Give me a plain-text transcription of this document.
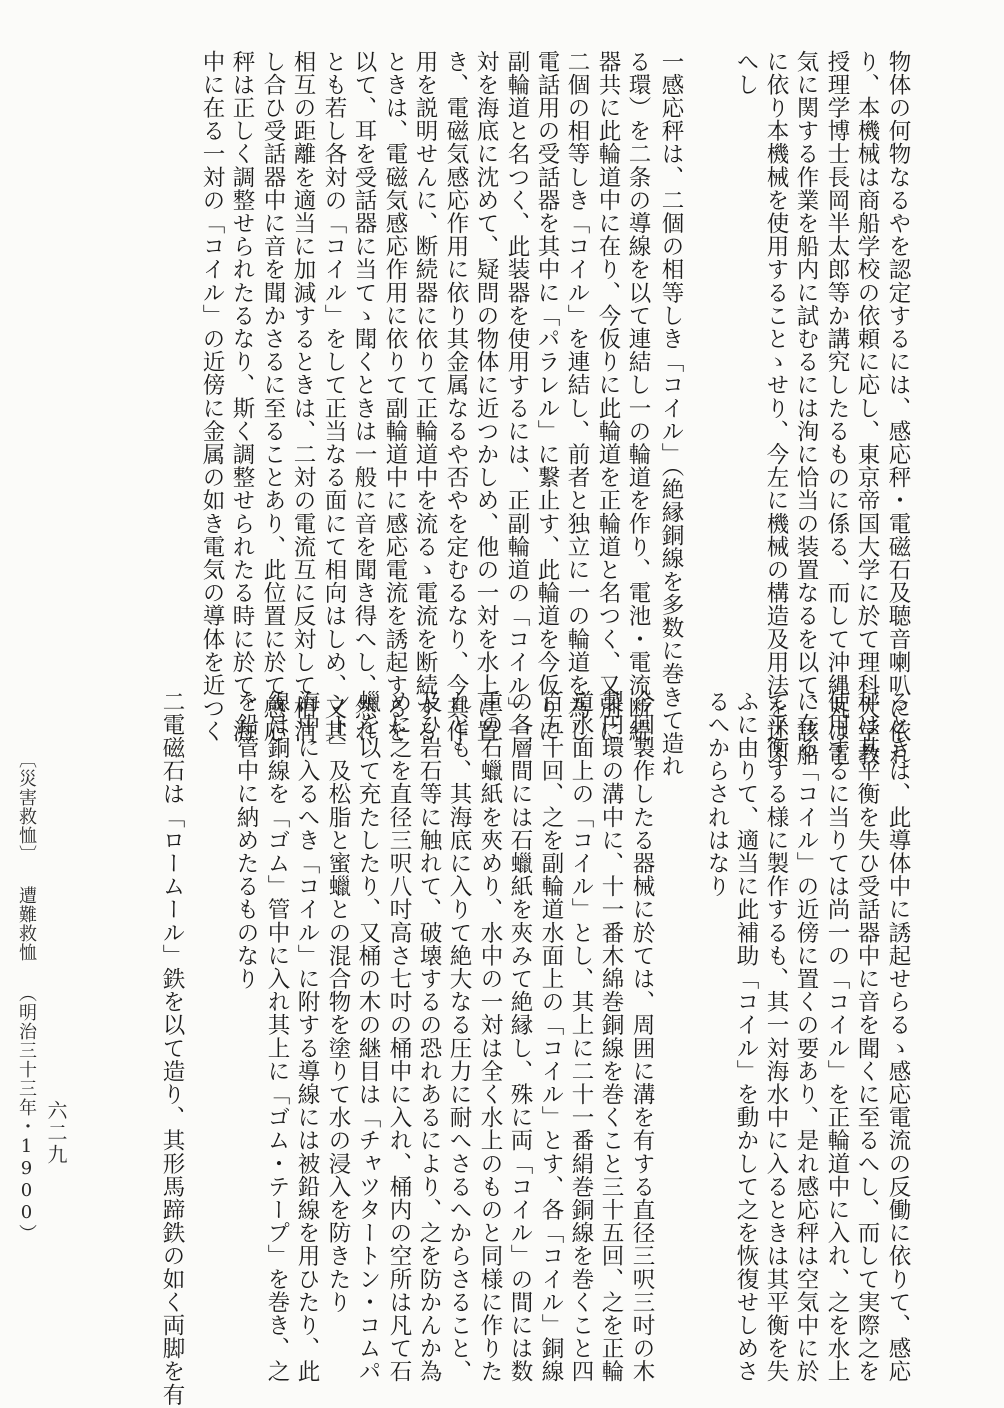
物体の何物なるやを認定するには、感応秤・電磁石及聴音喇叭に依れ
り、本機械は商船学校の依頼に応し、東京帝国大学に於て理科大学教
授理学博士長岡半太郎等か講究したるものに係る、而して沖縄丸は電
気に関する作業を船内に試むるには洵に恰当の装置なるを以て、該船
に依り本機械を使用することゝせり、今左に機械の構造及用法を述ふ
へし
一感応秤は、二個の相等しき「コイル」（絶縁銅線を多数に巻きて造れ
る環）を二条の導線を以て連結し一の輪道を作り、電池・電流断続
器共に此輪道中に在り、今仮りに此輪道を正輪道と名つく、又別に
二個の相等しき「コイル」を連結し、前者と独立に一の輪道を為し
電話用の受話器を其中に「パラレル」に繋止す、此輪道を今仮りに
副輪道と名つく、此装器を使用するには、正副輪道の「コイル」一
対を海底に沈めて、疑問の物体に近つかしめ、他の一対を水上に置
き、電磁気感応作用に依り其金属なるや否やを定むるなり、今其作
用を説明せんに、断続器に依りて正輪道中を流るゝ電流を断続する
ときは、電磁気感応作用に依りて副輪道中に感応電流を誘起するを
以て、耳を受話器に当てゝ聞くときは一般に音を聞き得へし、然れ
とも若し各対の「コイル」をして正当なる面にて相向はしめ、又其
相互の距離を適当に加減するときは、二対の電流互に反対して相消
し合ひ受話器中に音を聞かさるに至ることあり、此位置に於て感応
秤は正しく調整せられたるなり、斯く調整せられたる時に於て、海
中に在る一対の「コイル」の近傍に金属の如き電気の導体を近つく
るときは、此導体中に誘起せらるゝ感応電流の反働に依りて、感応
秤は其平衡を失ひ受話器中に音を聞くに至るへし、而して実際之を
使用するに当りては尚一の「コイル」を正輪道中に入れ、之を水上
に在る「コイル」の近傍に置くの要あり、是れ感応秤は空気中に於
て平衡する様に製作するも、其一対海水中に入るときは其平衡を失
ふに由りて、適当に此補助「コイル」を動かして之を恢復せしめさ
るへからされはなり
今回製作したる器械に於ては、周囲に溝を有する直径三呎三吋の木
製円環の溝中に、十一番木綿巻銅線を巻くこと三十五回、之を正輪
道水面上の「コイル」とし、其上に二十一番絹巻銅線を巻くこと四
百五十回、之を副輪道水面上の「コイル」とす、各「コイル」銅線
の各層間には石蠟紙を夾みて絶縁し、殊に両「コイル」の間には数
重の石蠟紙を夾めり、水中の一対は全く水上のものと同様に作りた
れとも、其海底に入りて絶大なる圧力に耐へさるへからさること、
及ひ岩石等に触れて、破壊するの恐れあるにより、之を防かんか為
めに之を直径三呎八吋高さ七吋の桶中に入れ、桶内の空所は凡て石
蠟を以て充たしたり、又桶の木の継目は「チャツタートン・コムパ
ント」及松脂と蜜蠟との混合物を塗りて水の浸入を防きたり
海中に入るへき「コイル」に附する導線には被鉛線を用ひたり、此
線は銅線を「ゴム」管中に入れ其上に「ゴム・テープ」を巻き、之
を鉛管中に納めたるものなり
二電磁石は「ロームール」鉄を以て造り、其形馬蹄鉄の如く両脚を有
〔災害救恤〕遭難救恤（明治三十三年・1900） 六二九
